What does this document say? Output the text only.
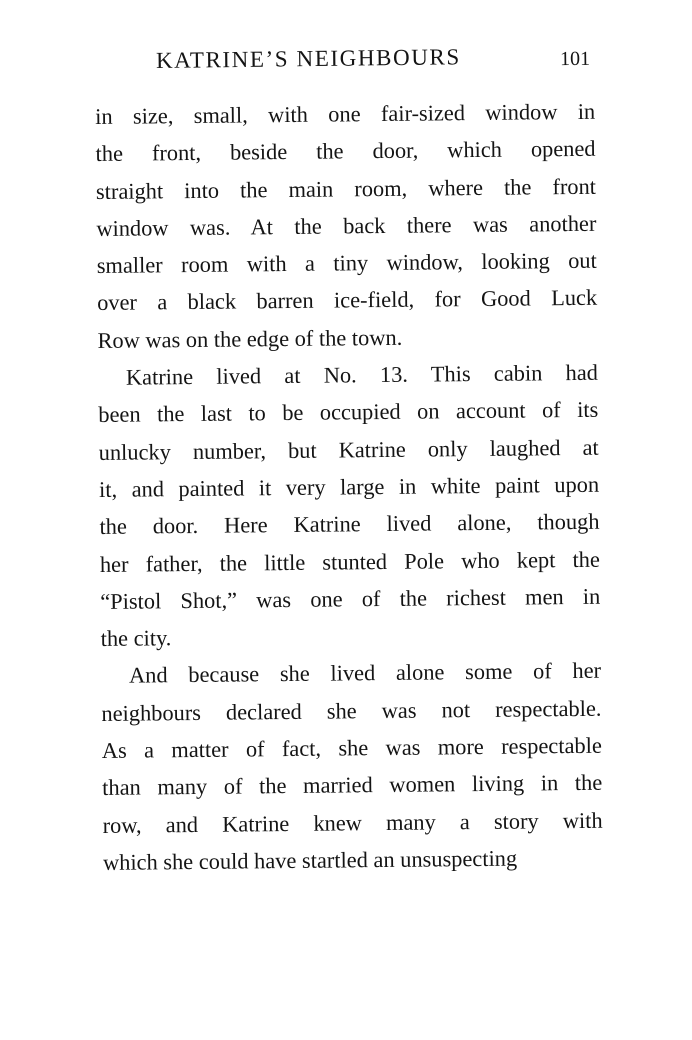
KATRINE’S NEIGHBOURS	101
in size, small, with one fair-sized window in
the front, beside the door, which opened
straight into the main room, where the front
window was. At the back there was another
smaller room with a tiny window, looking out
over a black barren ice-field, for Good Luck
Row was on the edge of the town.
Katrine lived at No. 13. This cabin had
been the last to be occupied on account of its
unlucky number, but Katrine only laughed at
it, and painted it very large in white paint upon
the door. Here Katrine lived alone, though
her father, the little stunted Pole who kept the
“Pistol Shot,” was one of the richest men in
the city.
And because she lived alone some of her
neighbours declared she was not respectable.
As a matter of fact, she was more respectable
than many of the married women living in the
row, and Katrine knew many a story with
which she could have startled an unsuspecting
